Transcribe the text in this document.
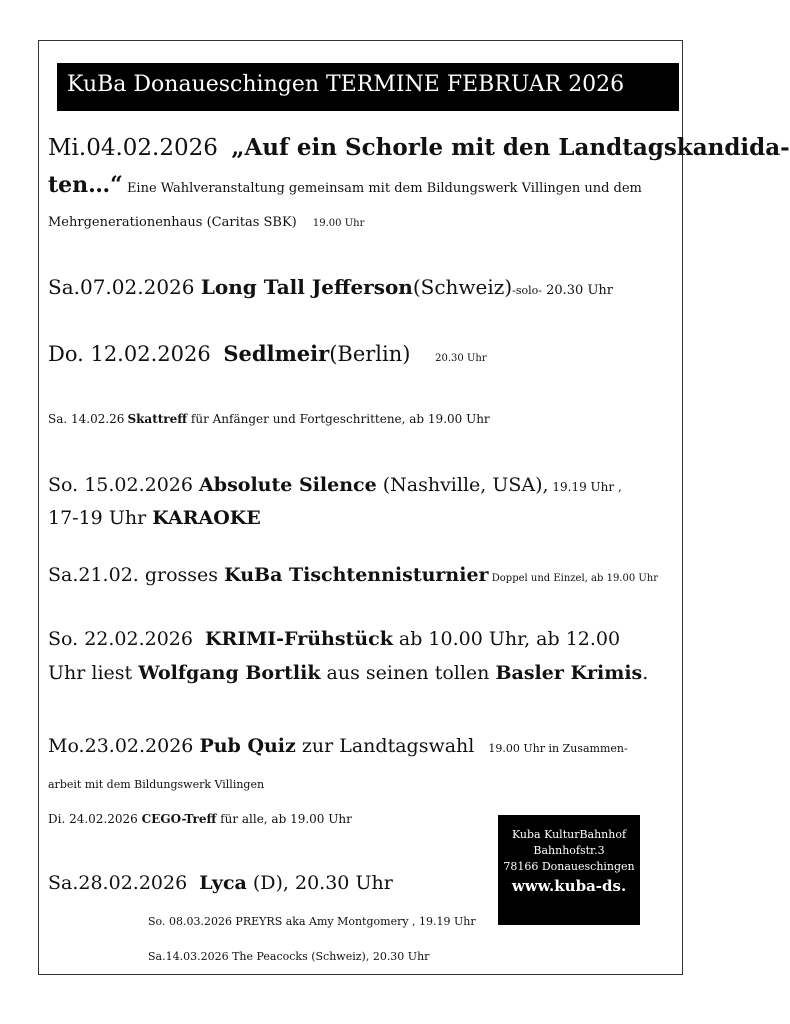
KuBa Donaueschingen TERMINE FEBRUAR 2026
Mi.04.02.2026 „Auf ein Schorle mit den Landtagskandida-
ten…“ Eine Wahlveranstaltung gemeinsam mit dem Bildungswerk Villingen und dem
Mehrgenerationenhaus (Caritas SBK) 19.00 Uhr
Sa.07.02.2026 Long Tall Jefferson(Schweiz)-solo- 20.30 Uhr
Do. 12.02.2026 Sedlmeir(Berlin) 20.30 Uhr
Sa. 14.02.26 Skattreff für Anfänger und Fortgeschrittene, ab 19.00 Uhr
So. 15.02.2026 Absolute Silence (Nashville, USA), 19.19 Uhr ,
17-19 Uhr KARAOKE
Sa.21.02. grosses KuBa Tischtennisturnier Doppel und Einzel, ab 19.00 Uhr
So. 22.02.2026 KRIMI-Frühstück ab 10.00 Uhr, ab 12.00
Uhr liest Wolfgang Bortlik aus seinen tollen Basler Krimis.
Mo.23.02.2026 Pub Quiz zur Landtagswahl 19.00 Uhr in Zusammen-
arbeit mit dem Bildungswerk Villingen
Di. 24.02.2026 CEGO-Treff für alle, ab 19.00 Uhr
Sa.28.02.2026 Lyca (D), 20.30 Uhr
So. 08.03.2026 PREYRS aka Amy Montgomery , 19.19 Uhr
Sa.14.03.2026 The Peacocks (Schweiz), 20.30 Uhr
Kuba KulturBahnhof
Bahnhofstr.3
78166 Donaueschingen
www.kuba-ds.
